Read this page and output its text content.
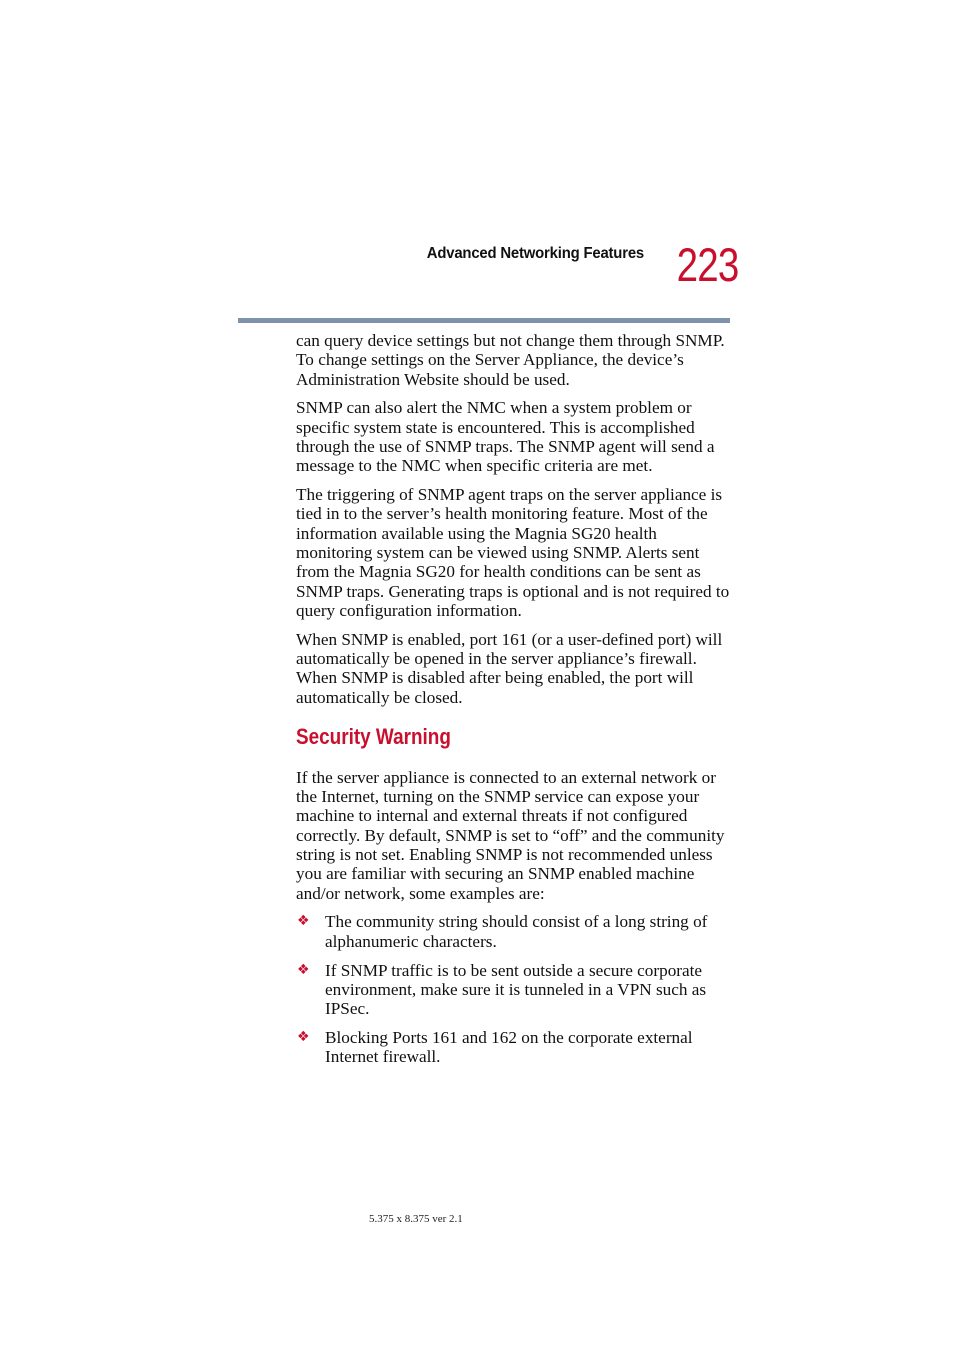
Advanced Networking Features 223

can query device settings but not change them through SNMP. To change settings on the Server Appliance, the device’s Administration Website should be used.

SNMP can also alert the NMC when a system problem or specific system state is encountered. This is accomplished through the use of SNMP traps. The SNMP agent will send a message to the NMC when specific criteria are met.

The triggering of SNMP agent traps on the server appliance is tied in to the server’s health monitoring feature. Most of the information available using the Magnia SG20 health monitoring system can be viewed using SNMP. Alerts sent from the Magnia SG20 for health conditions can be sent as SNMP traps. Generating traps is optional and is not required to query configuration information.

When SNMP is enabled, port 161 (or a user-defined port) will automatically be opened in the server appliance’s firewall. When SNMP is disabled after being enabled, the port will automatically be closed.

Security Warning

If the server appliance is connected to an external network or the Internet, turning on the SNMP service can expose your machine to internal and external threats if not configured correctly. By default, SNMP is set to “off” and the community string is not set. Enabling SNMP is not recommended unless you are familiar with securing an SNMP enabled machine and/or network, some examples are:

❖ The community string should consist of a long string of alphanumeric characters.
❖ If SNMP traffic is to be sent outside a secure corporate environment, make sure it is tunneled in a VPN such as IPSec.
❖ Blocking Ports 161 and 162 on the corporate external Internet firewall.
5.375 x 8.375 ver 2.1
